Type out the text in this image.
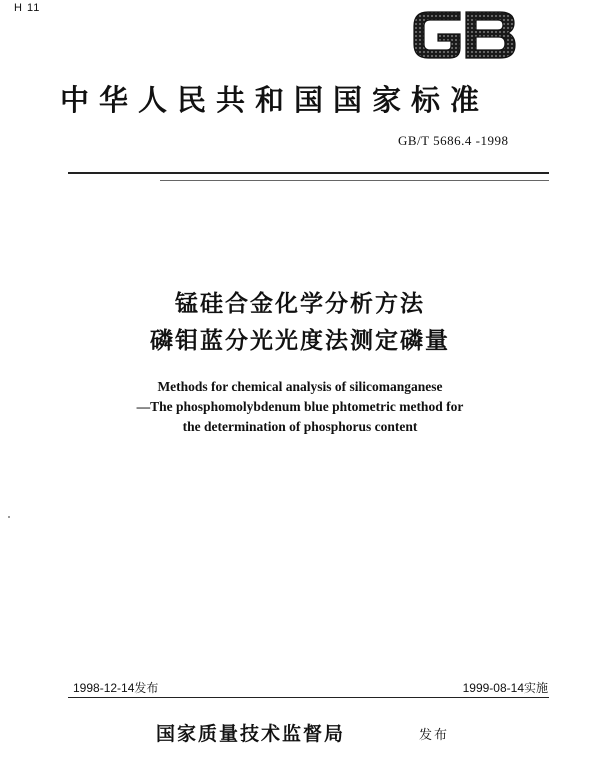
H 11
中华人民共和国国家标准
GB/T 5686.4 -1998
锰硅合金化学分析方法
磷钼蓝分光光度法测定磷量
Methods for chemical analysis of silicomanganese
—The phosphomolybdenum blue phtometric method for
the determination of phosphorus content
1998-12-14发布	1999-08-14实施
国家质量技术监督局	发布
